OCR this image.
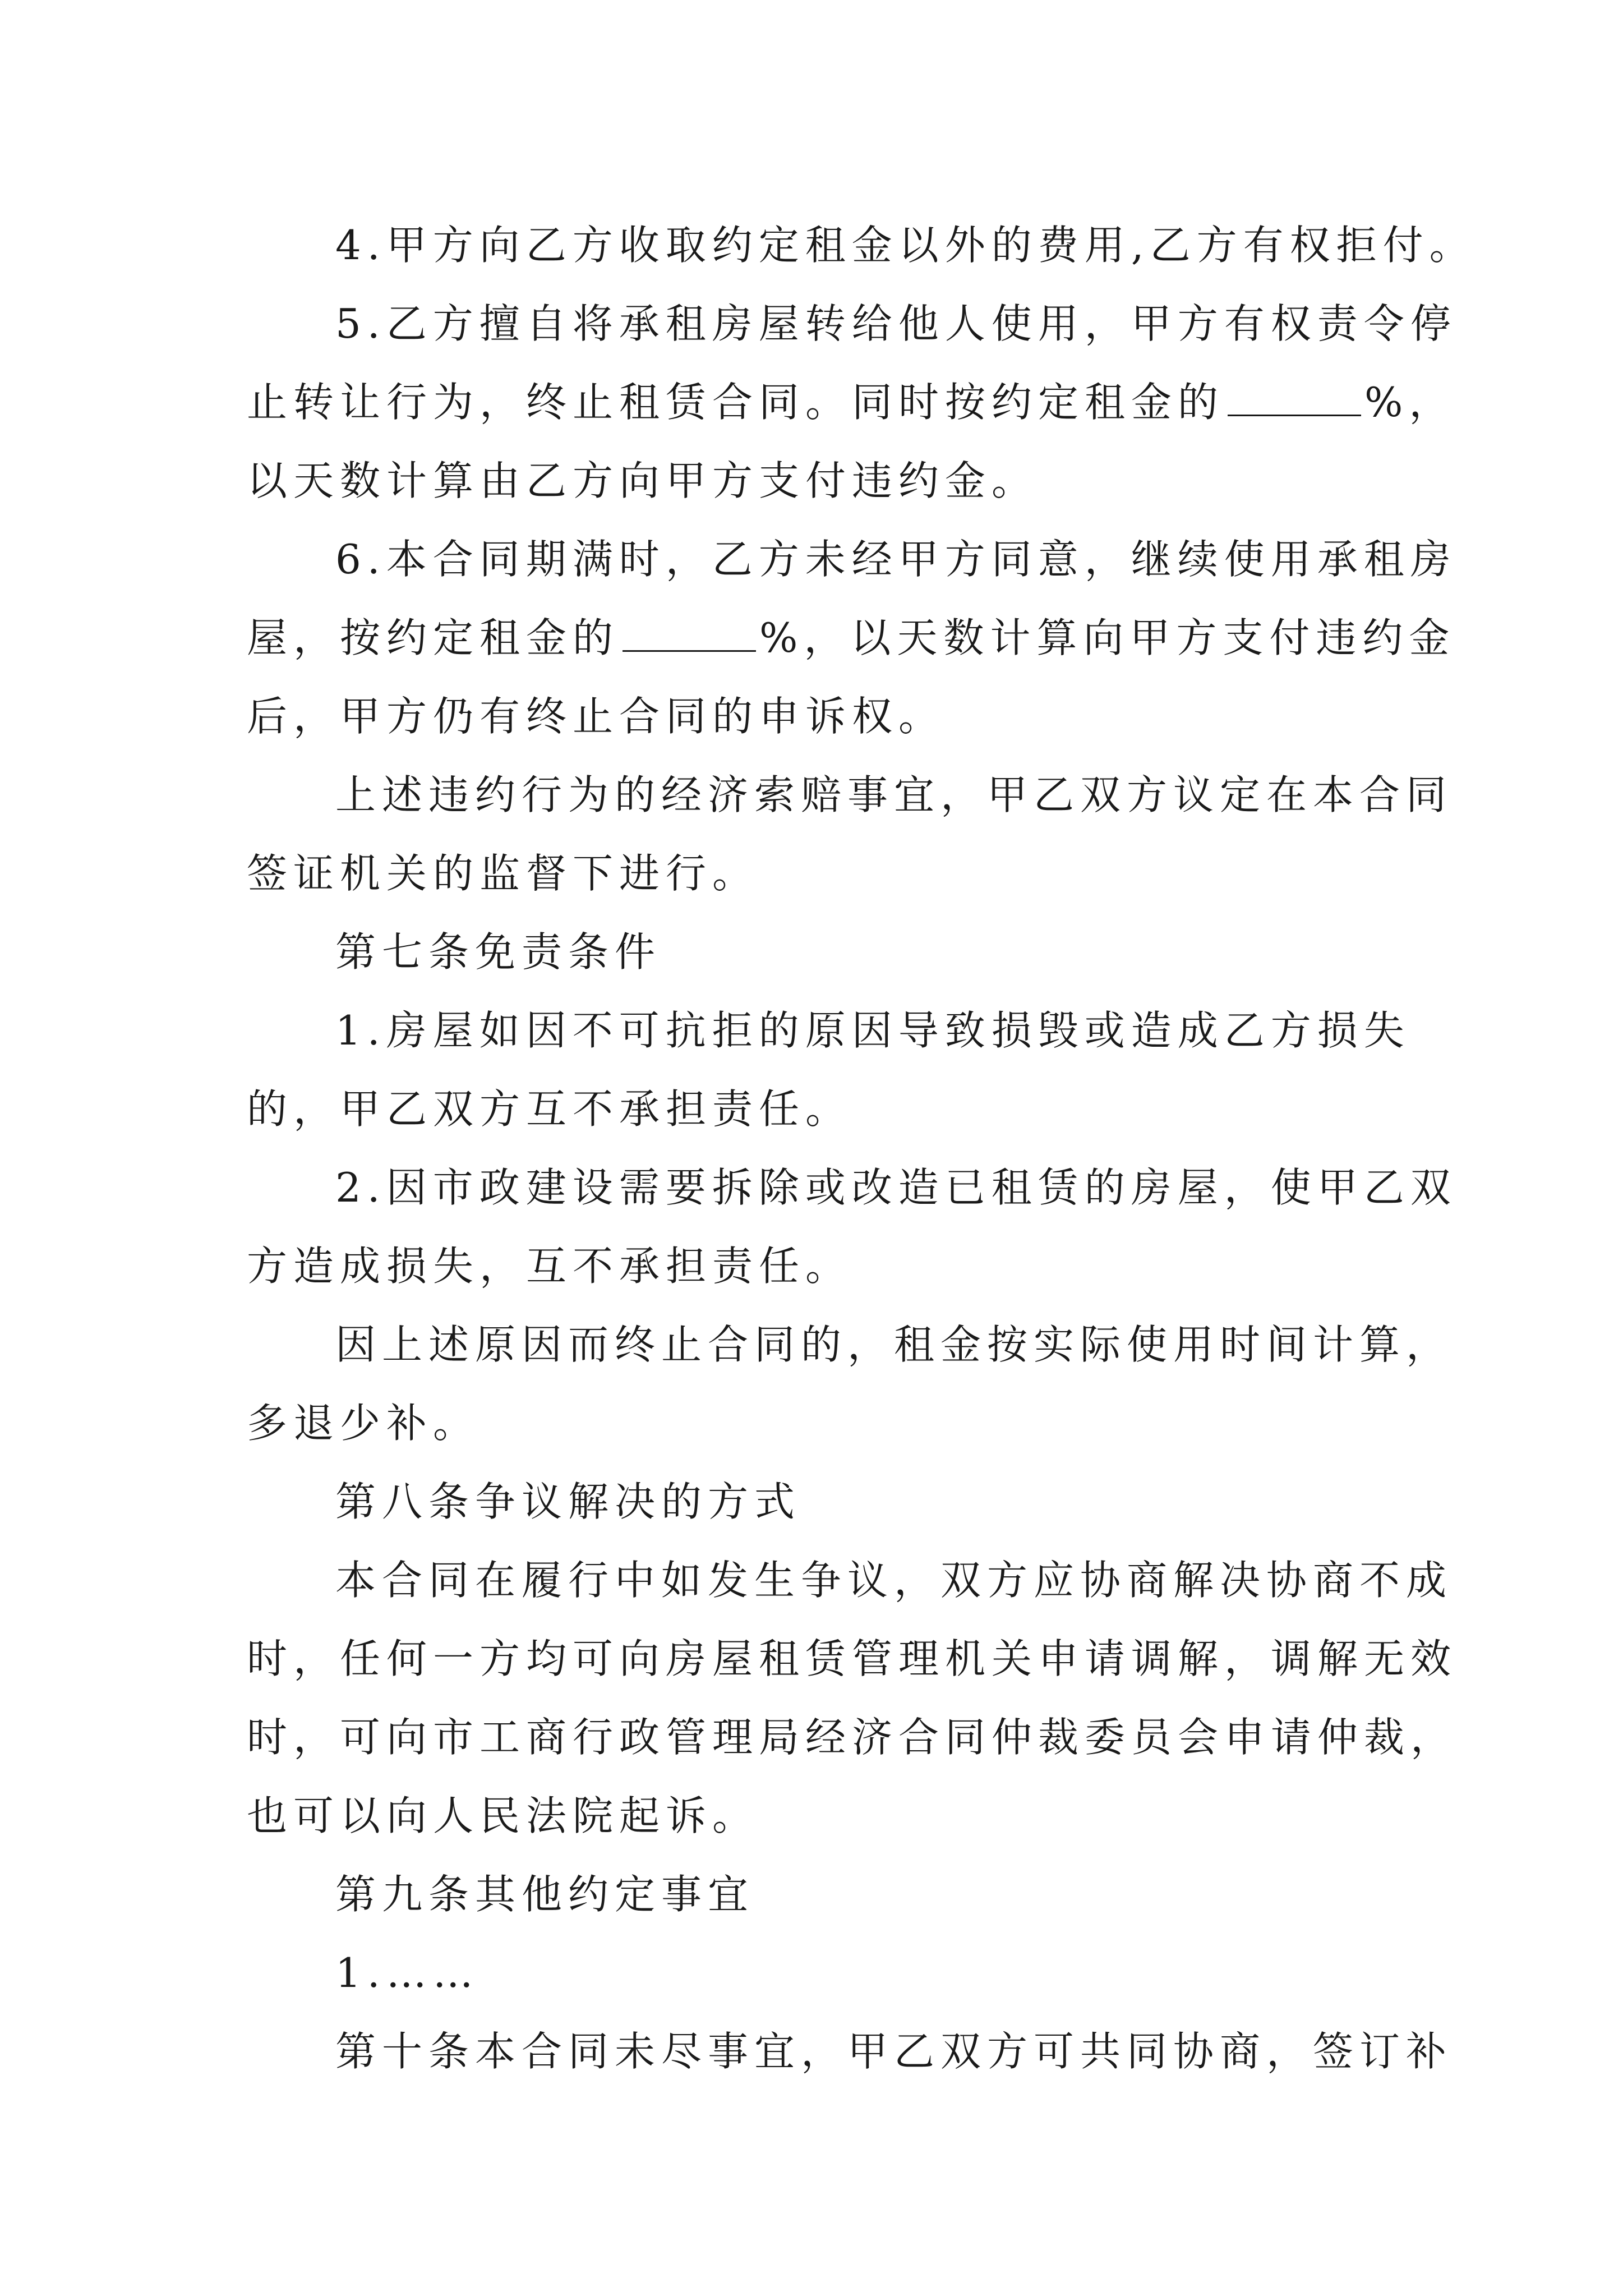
4.甲方向乙方收取约定租金以外的费用,乙方有权拒付。
5.乙方擅自将承租房屋转给他人使用，甲方有权责令停
止转让行为，终止租赁合同。同时按约定租金的	%，
以天数计算由乙方向甲方支付违约金。
6.本合同期满时，乙方未经甲方同意，继续使用承租房
屋，按约定租金的	%，以天数计算向甲方支付违约金
后，甲方仍有终止合同的申诉权。
上述违约行为的经济索赔事宜，甲乙双方议定在本合同
签证机关的监督下进行。
第七条免责条件
1.房屋如因不可抗拒的原因导致损毁或造成乙方损失
的，甲乙双方互不承担责任。
2.因市政建设需要拆除或改造已租赁的房屋，使甲乙双
方造成损失，互不承担责任。
因上述原因而终止合同的，租金按实际使用时间计算，
多退少补。
第八条争议解决的方式
本合同在履行中如发生争议，双方应协商解决协商不成
时，任何一方均可向房屋租赁管理机关申请调解，调解无效
时，可向市工商行政管理局经济合同仲裁委员会申请仲裁，
也可以向人民法院起诉。
第九条其他约定事宜
1.……
第十条本合同未尽事宜，甲乙双方可共同协商，签订补
